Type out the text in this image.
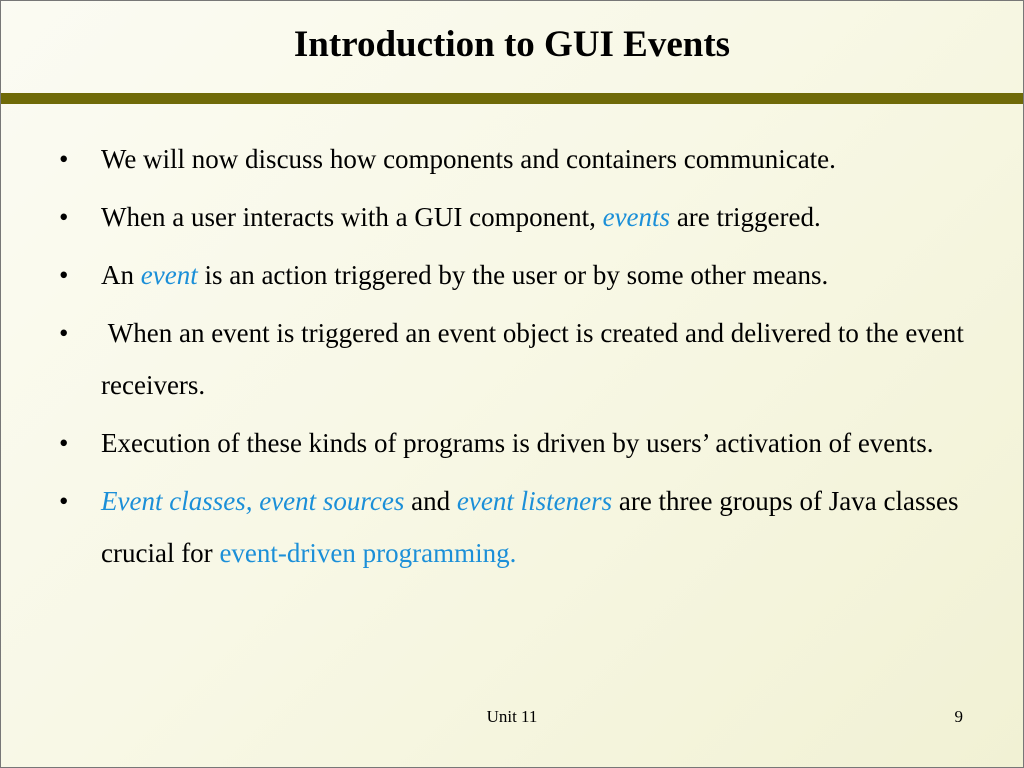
Introduction to GUI Events
•	We will now discuss how components and containers communicate.
•	When a user interacts with a GUI component, events are triggered.
•	An event is an action triggered by the user or by some other means.
•	When an event is triggered an event object is created and delivered to the event receivers.
•	Execution of these kinds of programs is driven by users’ activation of events.
•	Event classes, event sources and event listeners are three groups of Java classes crucial for event-driven programming.
Unit 11	9
